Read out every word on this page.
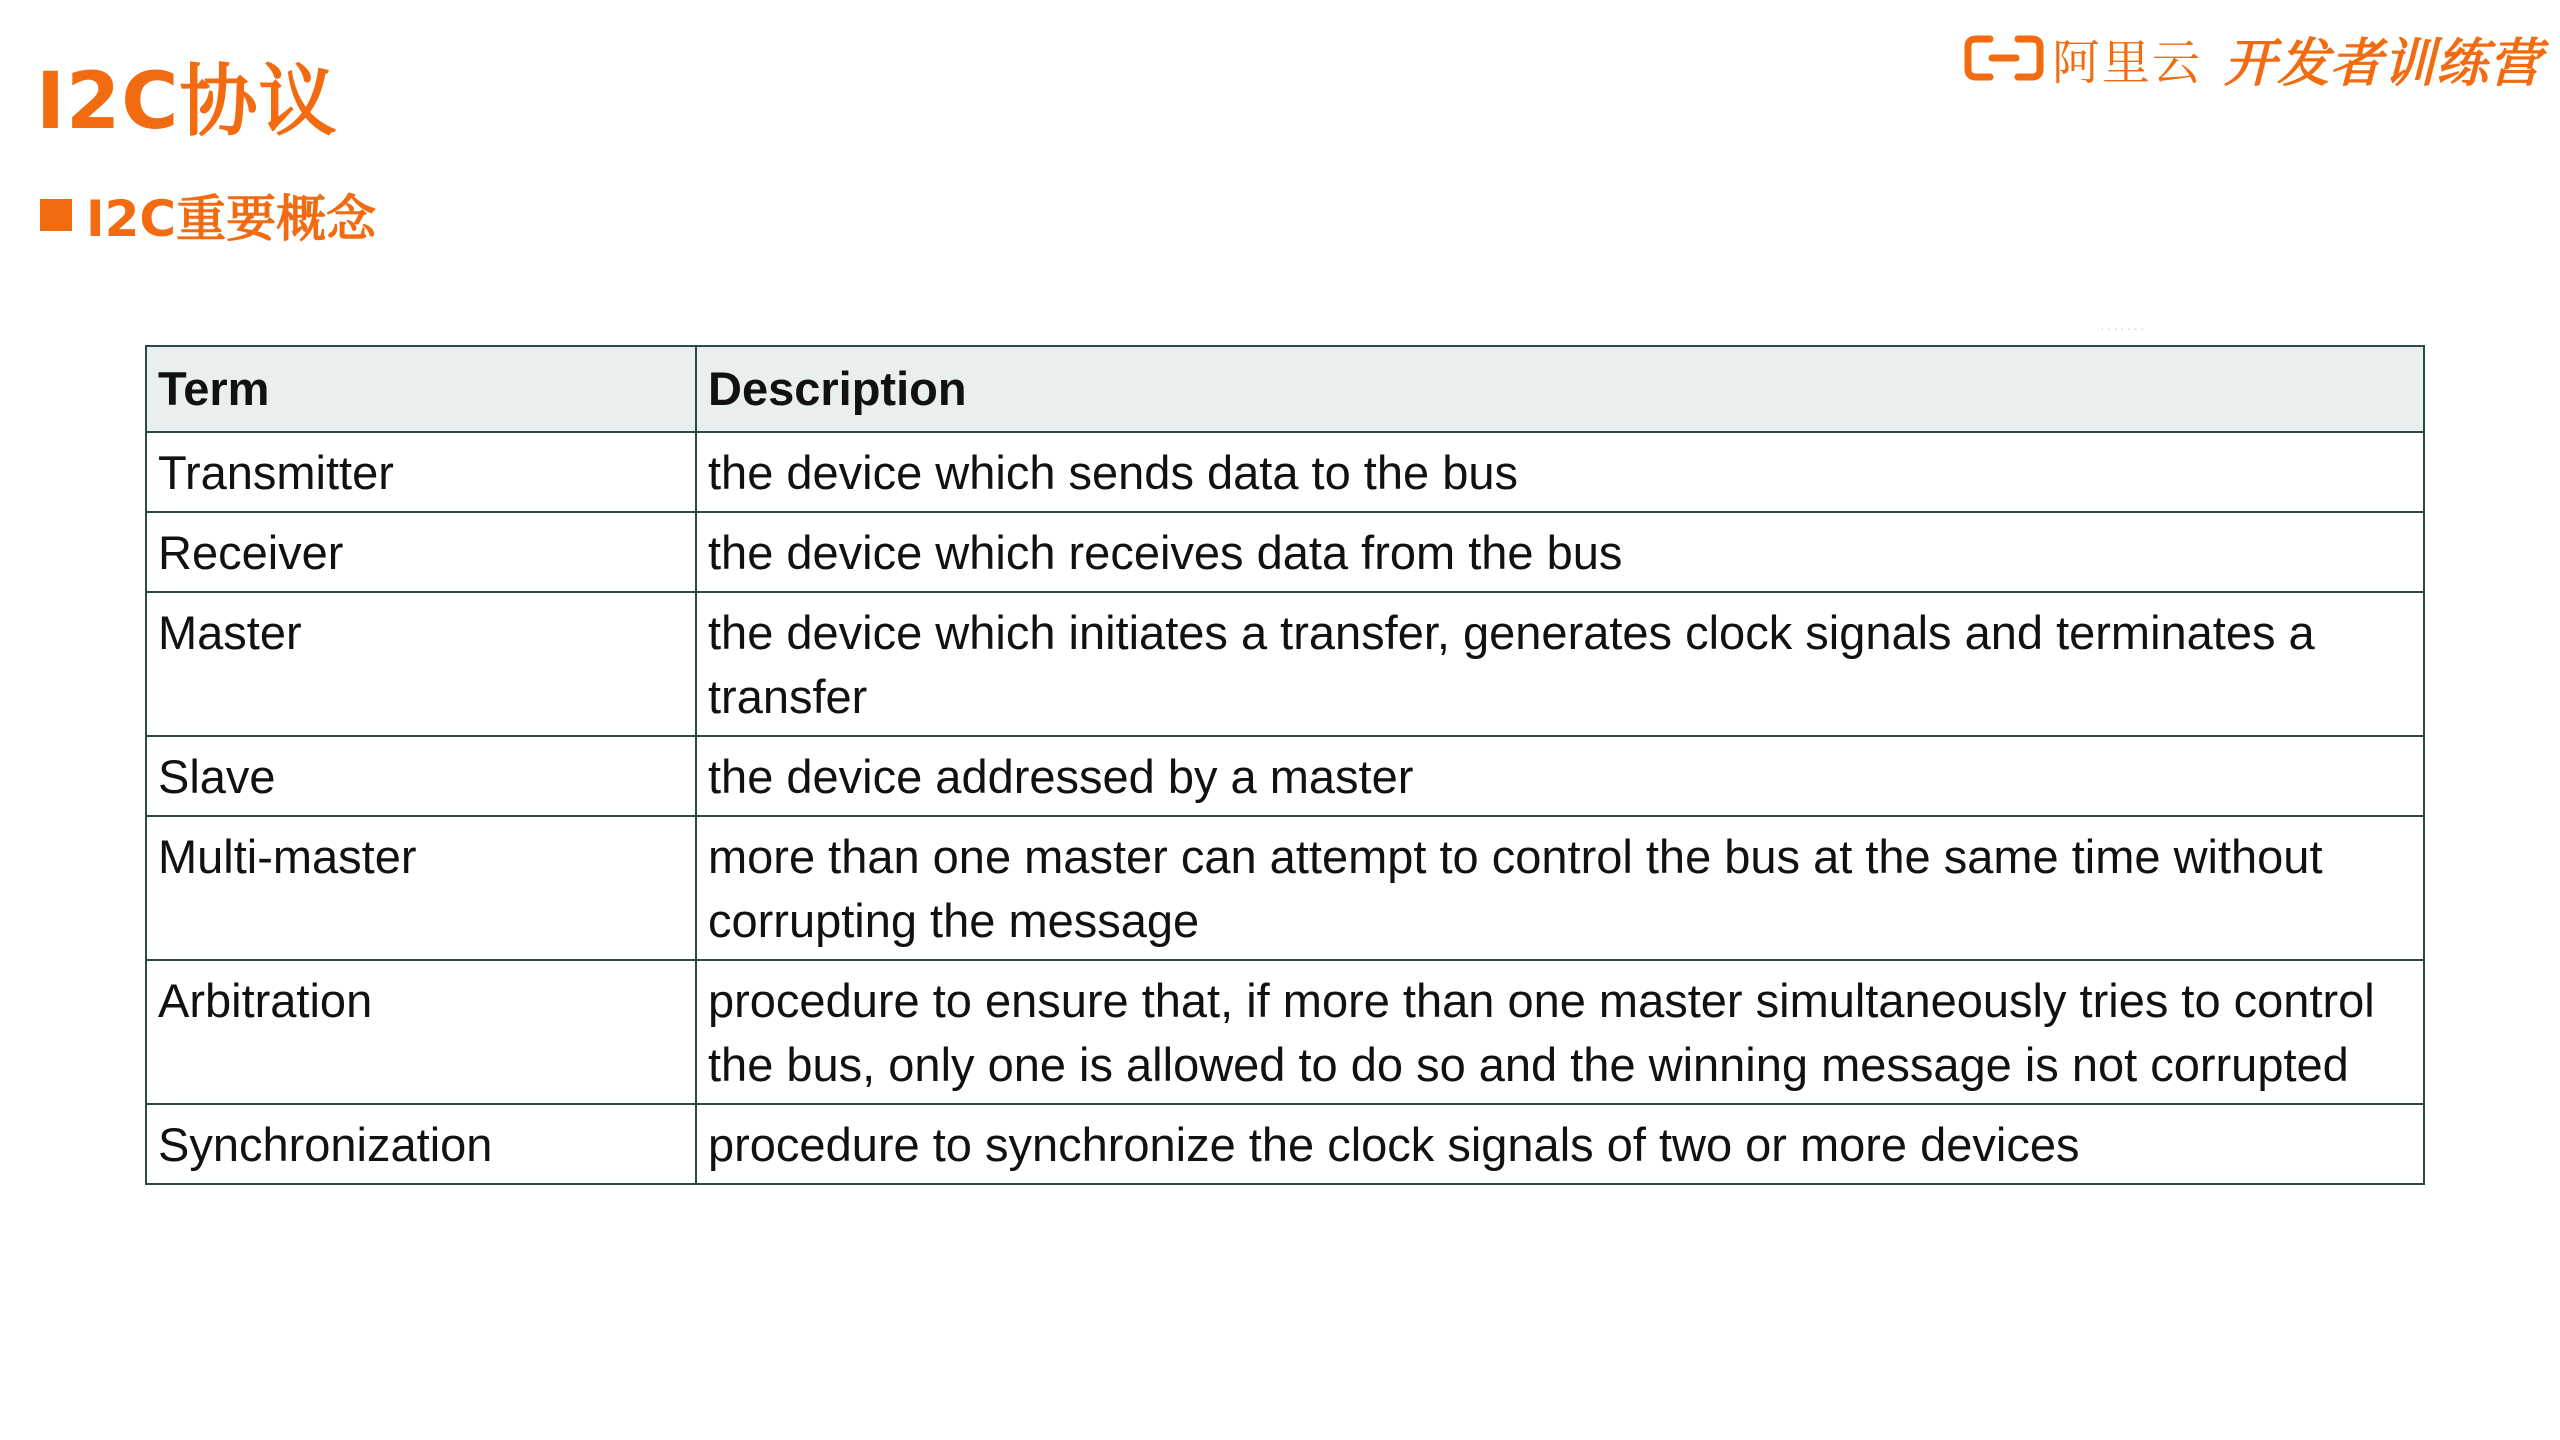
I2C协议
I2C重要概念
阿里云 开发者训练营
·······
Term	Description
Transmitter	the device which sends data to the bus
Receiver	the device which receives data from the bus
Master	the device which initiates a transfer, generates clock signals and terminates a transfer
Slave	the device addressed by a master
Multi-master	more than one master can attempt to control the bus at the same time without corrupting the message
Arbitration	procedure to ensure that, if more than one master simultaneously tries to control the bus, only one is allowed to do so and the winning message is not corrupted
Synchronization	procedure to synchronize the clock signals of two or more devices
